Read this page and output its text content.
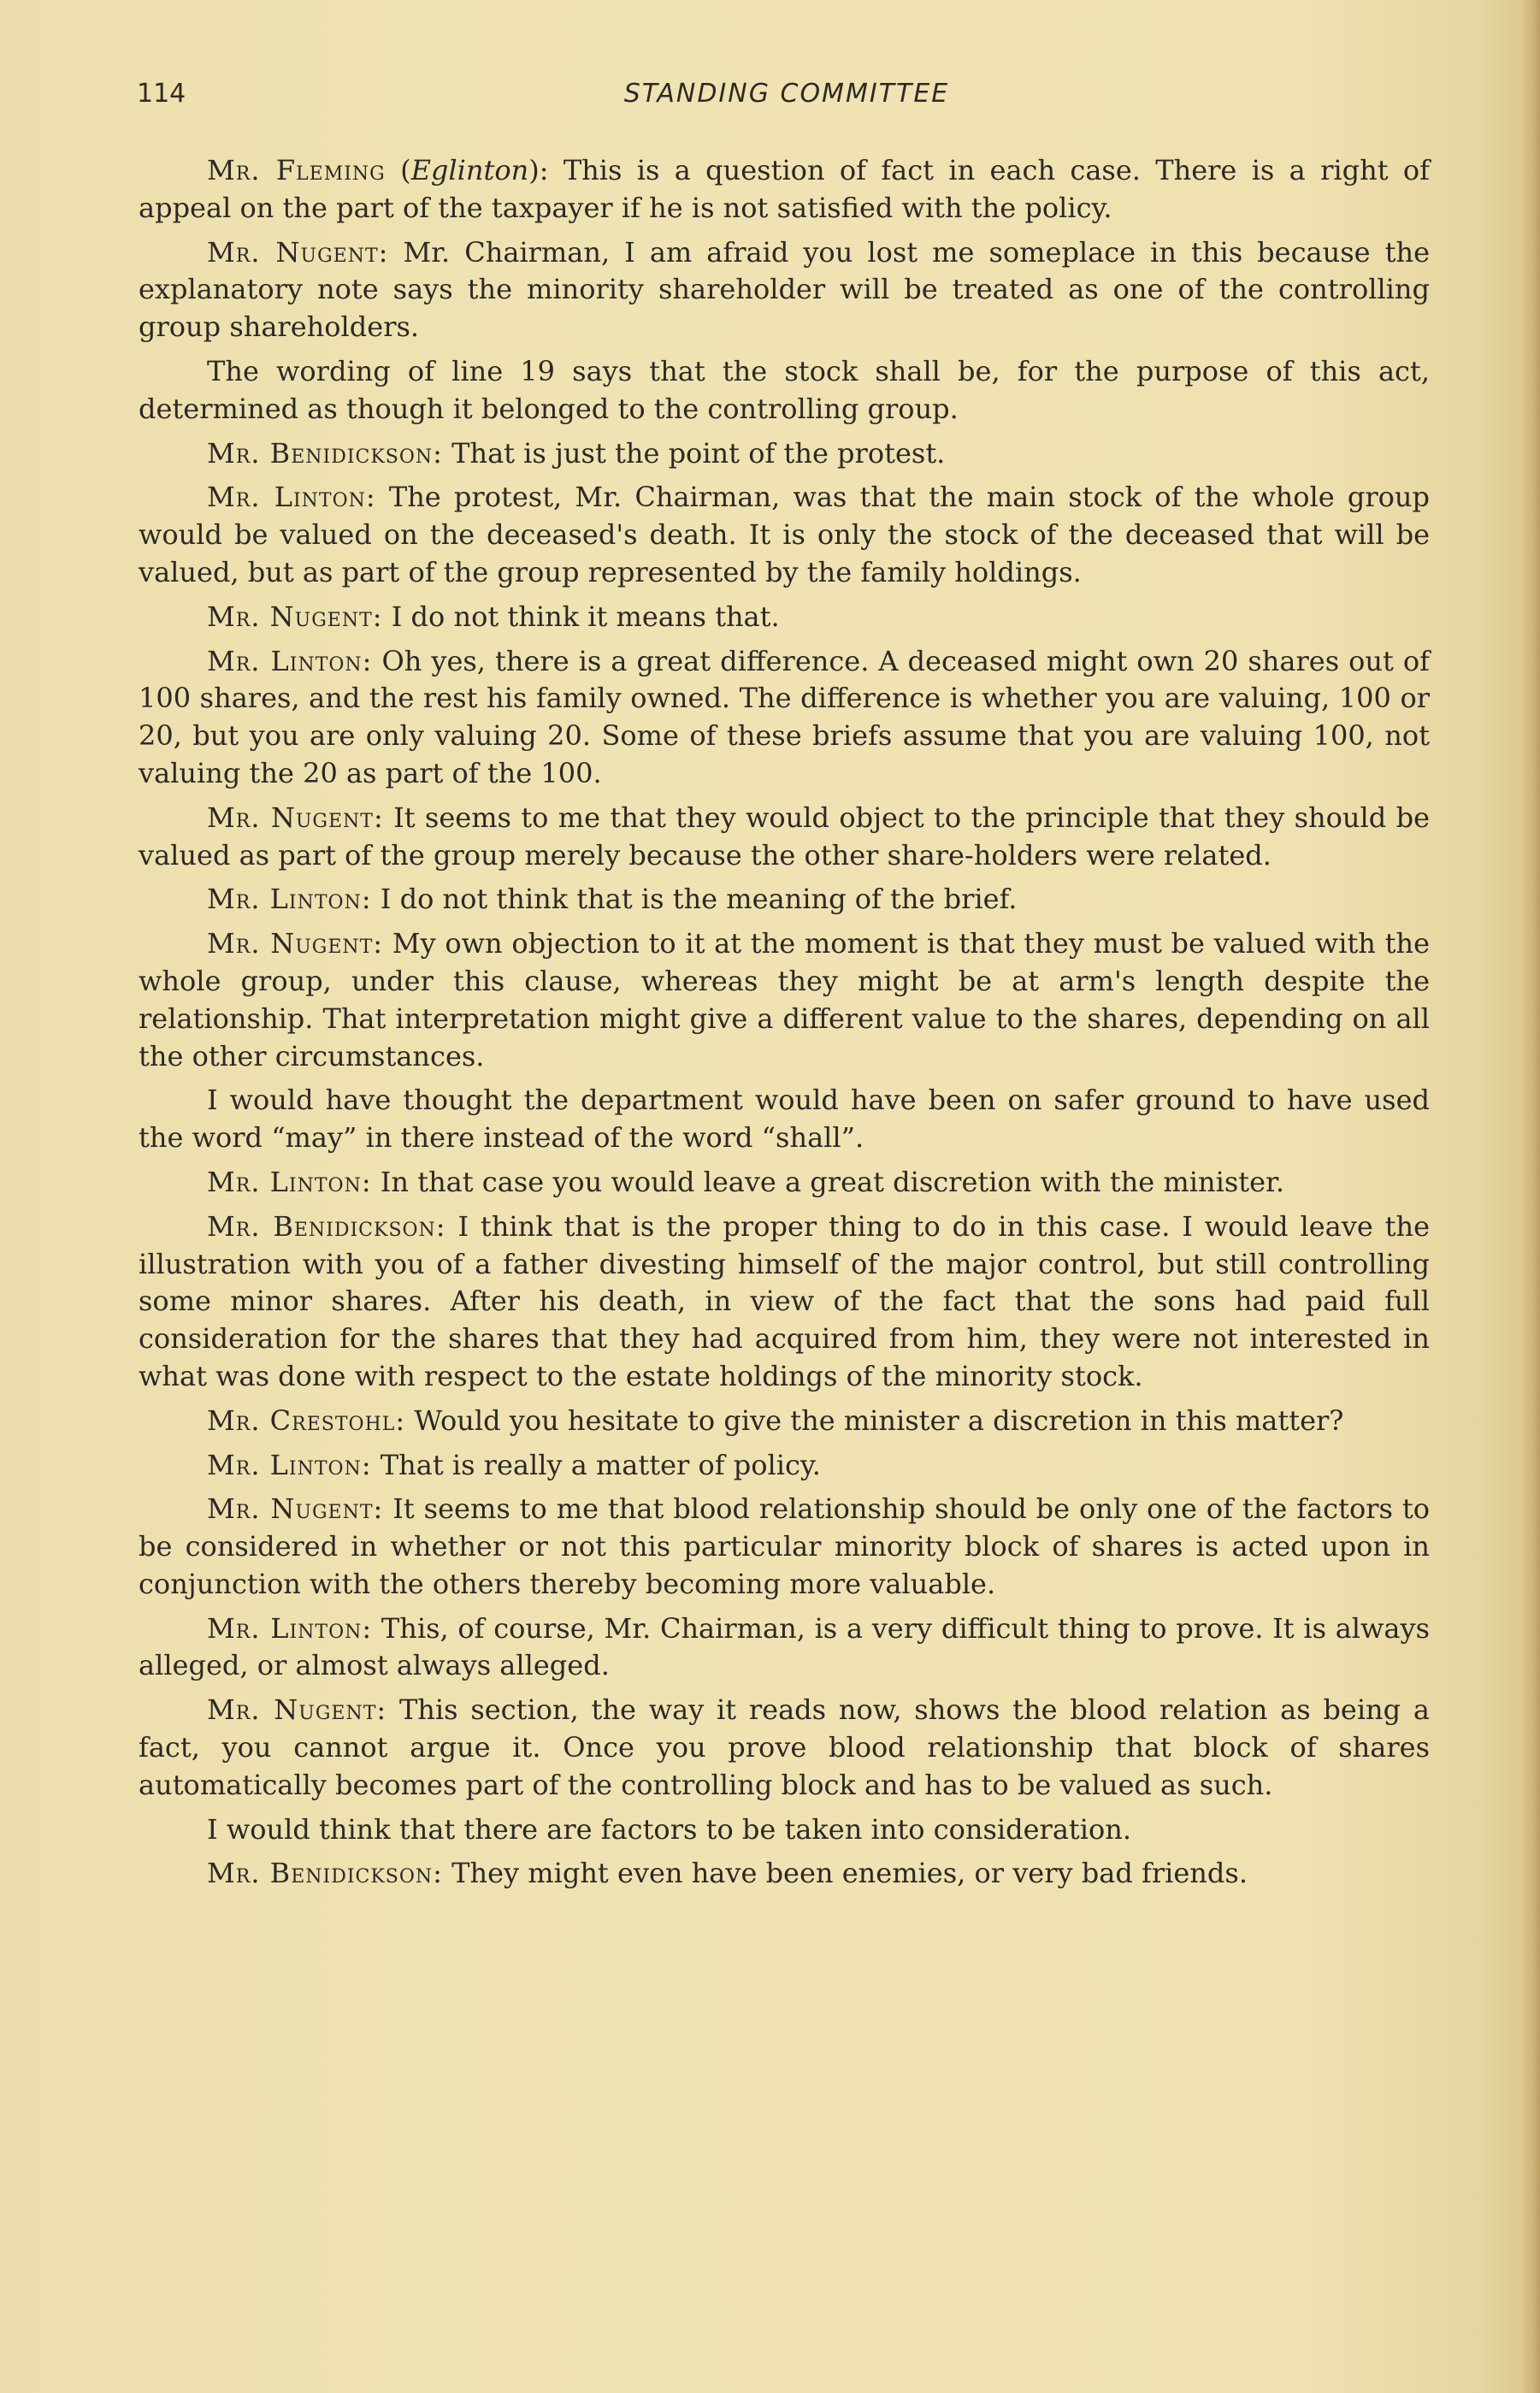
114	STANDING COMMITTEE

Mr. Fleming (Eglinton): This is a question of fact in each case. There is a right of appeal on the part of the taxpayer if he is not satisfied with the policy.

Mr. Nugent: Mr. Chairman, I am afraid you lost me someplace in this because the explanatory note says the minority shareholder will be treated as one of the controlling group shareholders.

The wording of line 19 says that the stock shall be, for the purpose of this act, determined as though it belonged to the controlling group.

Mr. Benidickson: That is just the point of the protest.

Mr. Linton: The protest, Mr. Chairman, was that the main stock of the whole group would be valued on the deceased's death. It is only the stock of the deceased that will be valued, but as part of the group represented by the family holdings.

Mr. Nugent: I do not think it means that.

Mr. Linton: Oh yes, there is a great difference. A deceased might own 20 shares out of 100 shares, and the rest his family owned. The difference is whether you are valuing, 100 or 20, but you are only valuing 20. Some of these briefs assume that you are valuing 100, not valuing the 20 as part of the 100.

Mr. Nugent: It seems to me that they would object to the principle that they should be valued as part of the group merely because the other share-holders were related.

Mr. Linton: I do not think that is the meaning of the brief.

Mr. Nugent: My own objection to it at the moment is that they must be valued with the whole group, under this clause, whereas they might be at arm's length despite the relationship. That interpretation might give a different value to the shares, depending on all the other circumstances.

I would have thought the department would have been on safer ground to have used the word “may” in there instead of the word “shall”.

Mr. Linton: In that case you would leave a great discretion with the minister.

Mr. Benidickson: I think that is the proper thing to do in this case. I would leave the illustration with you of a father divesting himself of the major control, but still controlling some minor shares. After his death, in view of the fact that the sons had paid full consideration for the shares that they had acquired from him, they were not interested in what was done with respect to the estate holdings of the minority stock.

Mr. Crestohl: Would you hesitate to give the minister a discretion in this matter?

Mr. Linton: That is really a matter of policy.

Mr. Nugent: It seems to me that blood relationship should be only one of the factors to be considered in whether or not this particular minority block of shares is acted upon in conjunction with the others thereby becoming more valuable.

Mr. Linton: This, of course, Mr. Chairman, is a very difficult thing to prove. It is always alleged, or almost always alleged.

Mr. Nugent: This section, the way it reads now, shows the blood relation as being a fact, you cannot argue it. Once you prove blood relationship that block of shares automatically becomes part of the controlling block and has to be valued as such.

I would think that there are factors to be taken into consideration.

Mr. Benidickson: They might even have been enemies, or very bad friends.
